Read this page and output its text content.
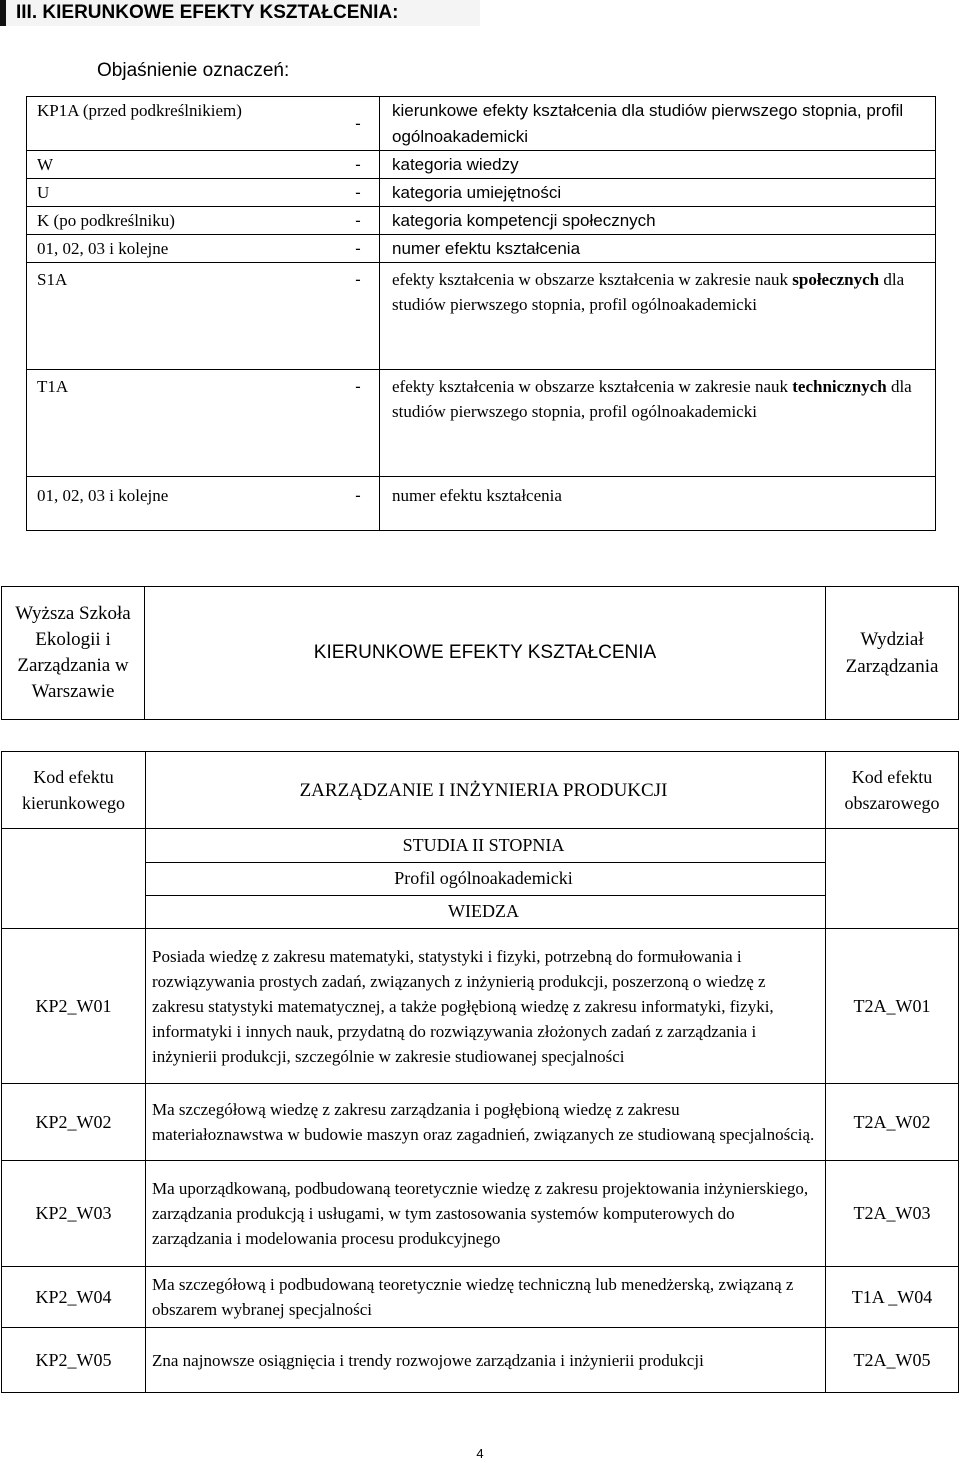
III. KIERUNKOWE EFEKTY KSZTAŁCENIA:
Objaśnienie oznaczeń:
KP1A (przed podkreślnikiem)	-	kierunkowe efekty kształcenia dla studiów pierwszego stopnia, profil ogólnoakademicki
W	-	kategoria wiedzy
U	-	kategoria umiejętności
K (po podkreślniku)	-	kategoria kompetencji społecznych
01, 02, 03 i kolejne	-	numer efektu kształcenia
S1A	-	efekty kształcenia w obszarze kształcenia w zakresie nauk społecznych dla studiów pierwszego stopnia, profil ogólnoakademicki
T1A	-	efekty kształcenia w obszarze kształcenia w zakresie nauk technicznych dla studiów pierwszego stopnia, profil ogólnoakademicki
01, 02, 03 i kolejne	-	numer efektu kształcenia
Wyższa Szkoła Ekologii i Zarządzania w Warszawie	KIERUNKOWE EFEKTY KSZTAŁCENIA	Wydział Zarządzania
Kod efektu kierunkowego	ZARZĄDZANIE I INŻYNIERIA PRODUKCJI	Kod efektu obszarowego
	STUDIA II STOPNIA	
	Profil ogólnoakademicki	
	WIEDZA	
KP2_W01	Posiada wiedzę z zakresu matematyki, statystyki i fizyki, potrzebną do formułowania i rozwiązywania prostych zadań, związanych z inżynierią produkcji, poszerzoną o wiedzę z zakresu statystyki matematycznej, a także pogłębioną wiedzę z zakresu informatyki, fizyki, informatyki i innych nauk, przydatną do rozwiązywania złożonych zadań z zarządzania i inżynierii produkcji, szczególnie w zakresie studiowanej specjalności	T2A_W01
KP2_W02	Ma szczegółową wiedzę z zakresu zarządzania i pogłębioną wiedzę z zakresu materiałoznawstwa w budowie maszyn oraz zagadnień, związanych ze studiowaną specjalnością.	T2A_W02
KP2_W03	Ma uporządkowaną, podbudowaną teoretycznie wiedzę z zakresu projektowania inżynierskiego, zarządzania produkcją i usługami, w tym zastosowania systemów komputerowych do zarządzania i modelowania procesu produkcyjnego	T2A_W03
KP2_W04	Ma szczegółową i podbudowaną teoretycznie wiedzę techniczną lub menedżerską, związaną z obszarem wybranej specjalności	T1A _W04
KP2_W05	Zna najnowsze osiągnięcia i trendy rozwojowe zarządzania i inżynierii produkcji	T2A_W05
4
